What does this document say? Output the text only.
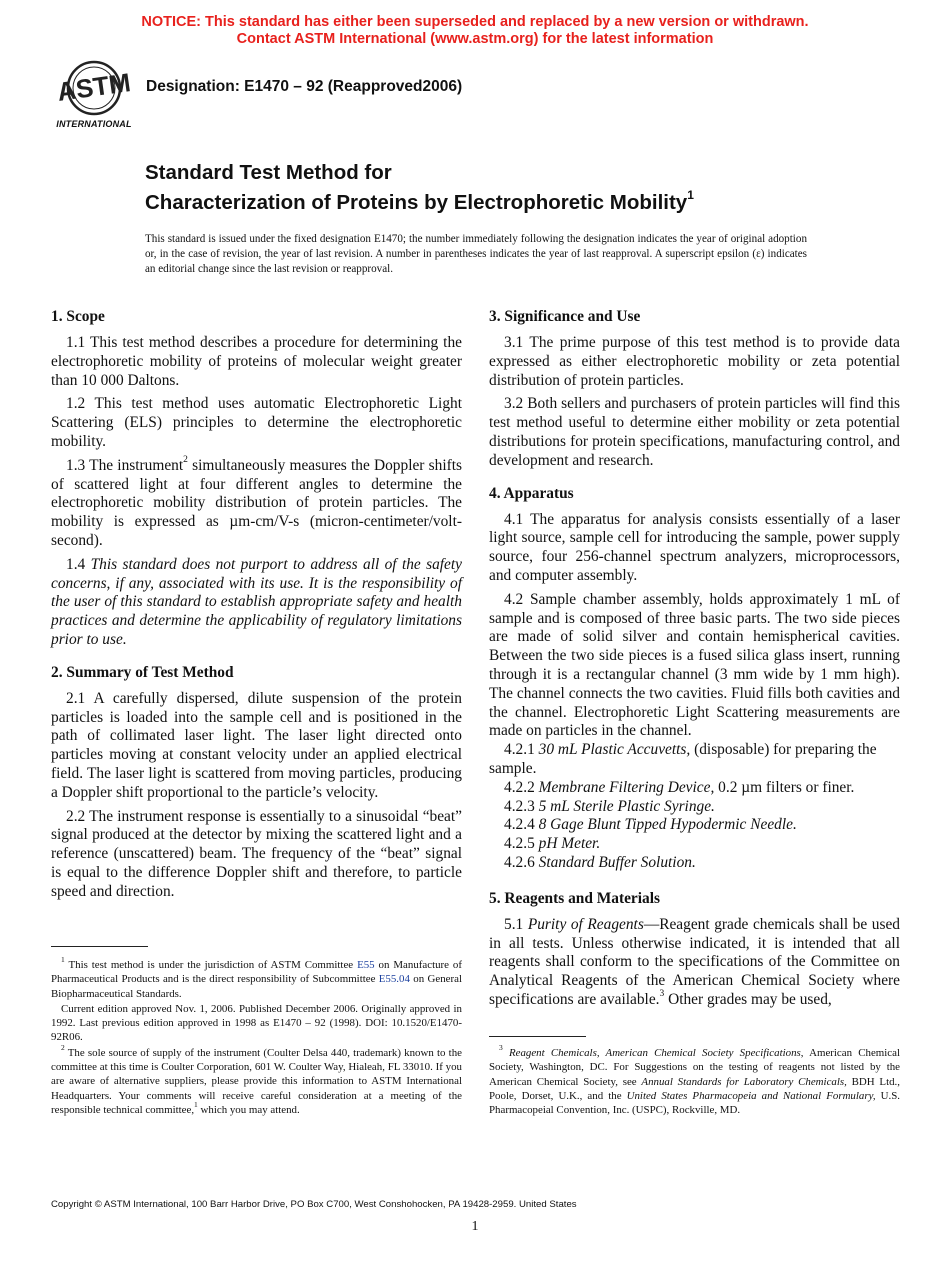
NOTICE: This standard has either been superseded and replaced by a new version or withdrawn.
Contact ASTM International (www.astm.org) for the latest information
ASTM
INTERNATIONAL
Designation: E1470 – 92 (Reapproved2006)
Standard Test Method for
Characterization of Proteins by Electrophoretic Mobility$^1$
This standard is issued under the fixed designation E1470; the number immediately following the designation indicates the year of original adoption or, in the case of revision, the year of last revision. A number in parentheses indicates the year of last reapproval. A superscript epsilon (ε) indicates an editorial change since the last revision or reapproval.
1. Scope

1.1 This test method describes a procedure for determining the electrophoretic mobility of proteins of molecular weight greater than 10 000 Daltons.

1.2 This test method uses automatic Electrophoretic Light Scattering (ELS) principles to determine the electrophoretic mobility.

1.3 The instrument$^2$ simultaneously measures the Doppler shifts of scattered light at four different angles to determine the electrophoretic mobility distribution of protein particles. The mobility is expressed as µm-cm/V-s (micron-centimeter/volt-second).

1.4 This standard does not purport to address all of the safety concerns, if any, associated with its use. It is the responsibility of the user of this standard to establish appropriate safety and health practices and determine the applicability of regulatory limitations prior to use.

2. Summary of Test Method

2.1 A carefully dispersed, dilute suspension of the protein particles is loaded into the sample cell and is positioned in the path of collimated laser light. The laser light directed onto particles moving at constant velocity under an applied electrical field. The laser light is scattered from moving particles, producing a Doppler shift proportional to the particle’s velocity.

2.2 The instrument response is essentially to a sinusoidal “beat” signal produced at the detector by mixing the scattered light and a reference (unscattered) beam. The frequency of the “beat” signal is equal to the difference Doppler shift and therefore, to particle speed and direction.

$^1$ This test method is under the jurisdiction of ASTM Committee E55 on Manufacture of Pharmaceutical Products and is the direct responsibility of Subcommittee E55.04 on General Biopharmaceutical Standards.

Current edition approved Nov. 1, 2006. Published December 2006. Originally approved in 1992. Last previous edition approved in 1998 as E1470 – 92 (1998). DOI: 10.1520/E1470-92R06.

$^2$ The sole source of supply of the instrument (Coulter Delsa 440, trademark) known to the committee at this time is Coulter Corporation, 601 W. Coulter Way, Hialeah, FL 33010. If you are aware of alternative suppliers, please provide this information to ASTM International Headquarters. Your comments will receive careful consideration at a meeting of the responsible technical committee,$^1$ which you may attend.

3. Significance and Use

3.1 The prime purpose of this test method is to provide data expressed as either electrophoretic mobility or zeta potential distribution of protein particles.

3.2 Both sellers and purchasers of protein particles will find this test method useful to determine either mobility or zeta potential distributions for protein specifications, manufacturing control, and development and research.

4. Apparatus

4.1 The apparatus for analysis consists essentially of a laser light source, sample cell for introducing the sample, power supply source, four 256-channel spectrum analyzers, microprocessors, and computer assembly.

4.2 Sample chamber assembly, holds approximately 1 mL of sample and is composed of three basic parts. The two side pieces are made of solid silver and contain hemispherical cavities. Between the two side pieces is a fused silica glass insert, running through it is a rectangular channel (3 mm wide by 1 mm high). The channel connects the two cavities. Fluid fills both cavities and the channel. Electrophoretic Light Scattering measurements are made on particles in the channel.

4.2.1 30 mL Plastic Accuvetts, (disposable) for preparing the sample.

4.2.2 Membrane Filtering Device, 0.2 µm filters or finer.

4.2.3 5 mL Sterile Plastic Syringe.

4.2.4 8 Gage Blunt Tipped Hypodermic Needle.

4.2.5 pH Meter.

4.2.6 Standard Buffer Solution.

5. Reagents and Materials

5.1 Purity of Reagents—Reagent grade chemicals shall be used in all tests. Unless otherwise indicated, it is intended that all reagents shall conform to the specifications of the Committee on Analytical Reagents of the American Chemical Society where specifications are available.$^3$ Other grades may be used,

$^3$ Reagent Chemicals, American Chemical Society Specifications, American Chemical Society, Washington, DC. For Suggestions on the testing of reagents not listed by the American Chemical Society, see Annual Standards for Laboratory Chemicals, BDH Ltd., Poole, Dorset, U.K., and the United States Pharmacopeia and National Formulary, U.S. Pharmacopeial Convention, Inc. (USPC), Rockville, MD.

Copyright © ASTM International, 100 Barr Harbor Drive, PO Box C700, West Conshohocken, PA 19428-2959. United States
1
